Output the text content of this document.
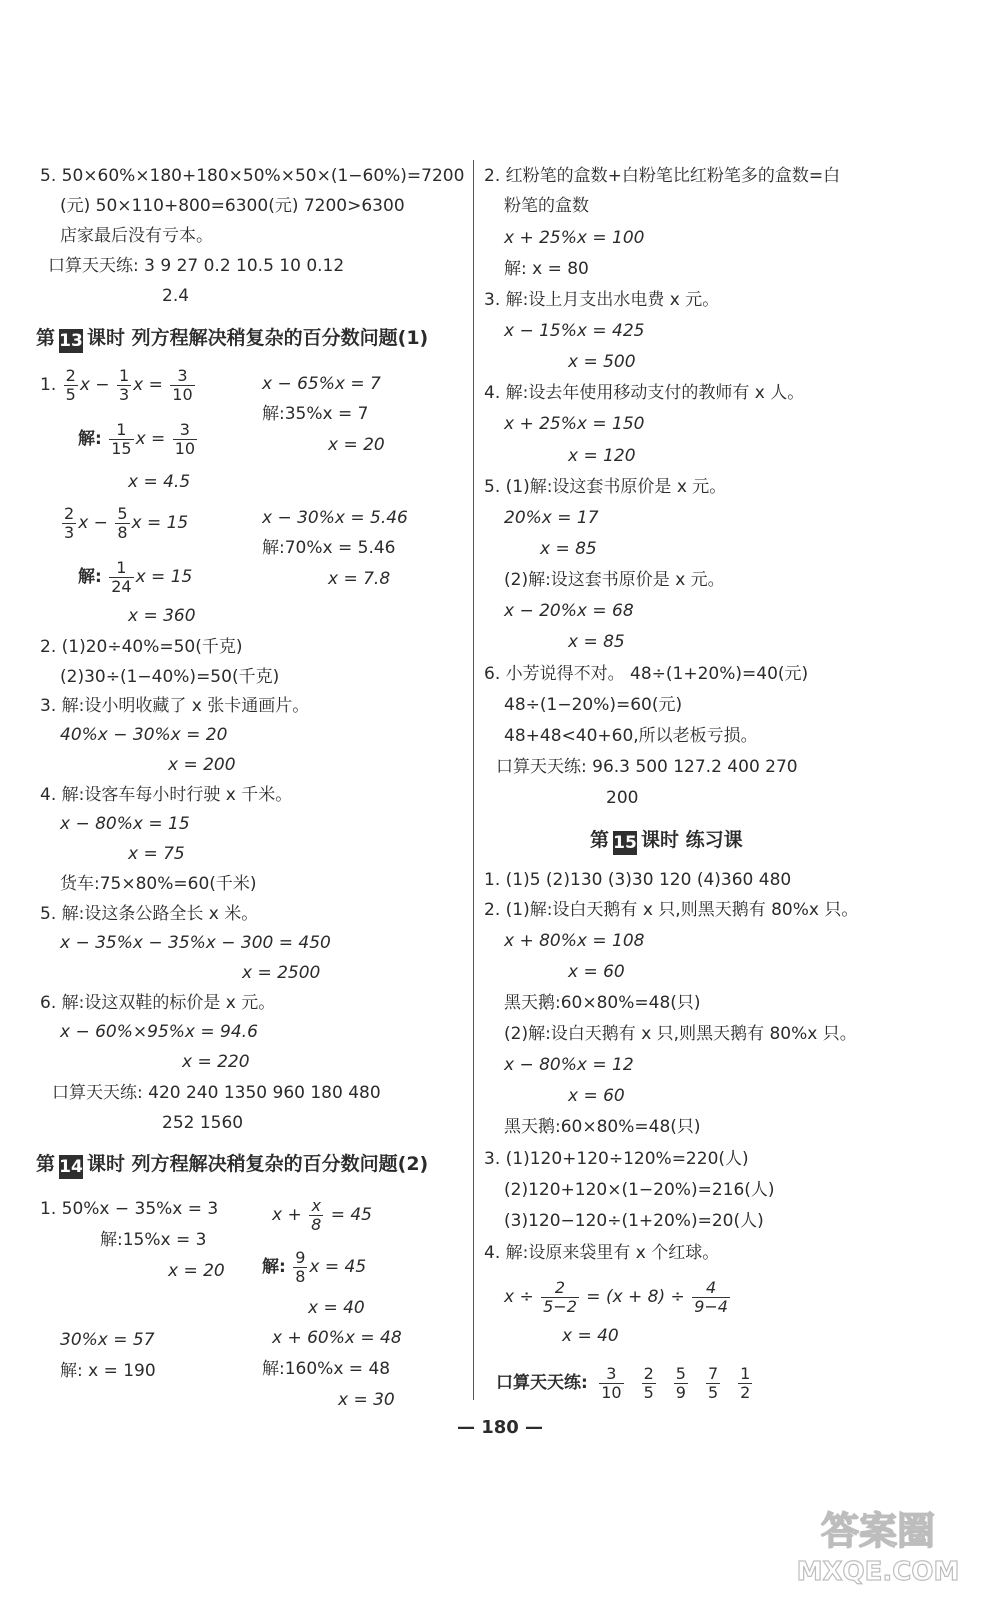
5. 50×60%×180+180×50%×50×(1−60%)=7200
(元) 50×110+800=6300(元) 7200>6300
店家最后没有亏本。
口算天天练: 3 9 27 0.2 10.5 10 0.12
2.4
第 13 课时 列方程解决稍复杂的百分数问题(1)
1. $\frac{2}{5}$ $x - \frac{1}{3}$ $x = \frac{3}{10}$
解: $\frac{1}{15}$ $x = \frac{3}{10}$
x = 4.5
x − 65%x = 7
解:35%x = 7
x = 20
$\frac{2}{3}$ $x - \frac{5}{8}$ x = 15
解: $\frac{1}{24}$ x = 15
x = 360
x − 30%x = 5.46
解:70%x = 5.46
x = 7.8
2. (1)20÷40%=50(千克)
(2)30÷(1−40%)=50(千克)
3. 解:设小明收藏了 x 张卡通画片。
40%x − 30%x = 20
x = 200
4. 解:设客车每小时行驶 x 千米。
x − 80%x = 15
x = 75
货车:75×80%=60(千米)
5. 解:设这条公路全长 x 米。
x − 35%x − 35%x − 300 = 450
x = 2500
6. 解:设这双鞋的标价是 x 元。
x − 60%×95%x = 94.6
x = 220
口算天天练: 420 240 1350 960 180 480
252 1560
第 14 课时 列方程解决稍复杂的百分数问题(2)
1. 50%x − 35%x = 3
解:15%x = 3
x = 20
$x + \frac{x}{8} = 45$
解: $\frac{9}{8}$ x = 45
x = 40
30%x = 57
解: x = 190
x + 60%x = 48
解:160%x = 48
x = 30
2. 红粉笔的盒数+白粉笔比红粉笔多的盒数=白
粉笔的盒数
x + 25%x = 100
解: x = 80
3. 解:设上月支出水电费 x 元。
x − 15%x = 425
x = 500
4. 解:设去年使用移动支付的教师有 x 人。
x + 25%x = 150
x = 120
5. (1)解:设这套书原价是 x 元。
20%x = 17
x = 85
(2)解:设这套书原价是 x 元。
x − 20%x = 68
x = 85
6. 小芳说得不对。 48÷(1+20%)=40(元)
48÷(1−20%)=60(元)
48+48<40+60,所以老板亏损。
口算天天练: 96.3 500 127.2 400 270
200
第 15 课时 练习课
1. (1)5 (2)130 (3)30 120 (4)360 480
2. (1)解:设白天鹅有 x 只,则黑天鹅有 80%x 只。
x + 80%x = 108
x = 60
黑天鹅:60×80%=48(只)
(2)解:设白天鹅有 x 只,则黑天鹅有 80%x 只。
x − 80%x = 12
x = 60
黑天鹅:60×80%=48(只)
3. (1)120+120÷120%=220(人)
(2)120+120×(1−20%)=216(人)
(3)120−120÷(1+20%)=20(人)
4. 解:设原来袋里有 x 个红球。
$x \div \frac{2}{5-2} = (x + 8) \div \frac{4}{9-4}$
x = 40
口算天天练: $\frac{3}{10} \frac{2}{5} \frac{5}{9} \frac{7}{5} \frac{1}{2}$
— 180 —
答案圈
MXQE.COM
